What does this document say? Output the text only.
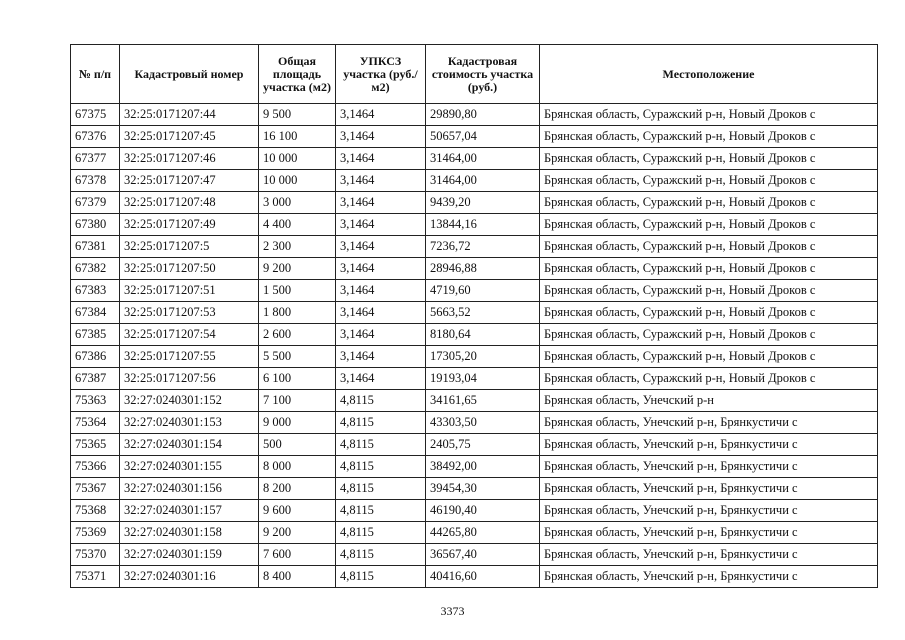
№ п/п	Кадастровый номер	Общая площадь участка (м2)	УПКСЗ участка (руб./м2)	Кадастровая стоимость участка (руб.)	Местоположение
67375	32:25:0171207:44	9 500	3,1464	29890,80	Брянская область, Суражский р-н, Новый Дроков с
67376	32:25:0171207:45	16 100	3,1464	50657,04	Брянская область, Суражский р-н, Новый Дроков с
67377	32:25:0171207:46	10 000	3,1464	31464,00	Брянская область, Суражский р-н, Новый Дроков с
67378	32:25:0171207:47	10 000	3,1464	31464,00	Брянская область, Суражский р-н, Новый Дроков с
67379	32:25:0171207:48	3 000	3,1464	9439,20	Брянская область, Суражский р-н, Новый Дроков с
67380	32:25:0171207:49	4 400	3,1464	13844,16	Брянская область, Суражский р-н, Новый Дроков с
67381	32:25:0171207:5	2 300	3,1464	7236,72	Брянская область, Суражский р-н, Новый Дроков с
67382	32:25:0171207:50	9 200	3,1464	28946,88	Брянская область, Суражский р-н, Новый Дроков с
67383	32:25:0171207:51	1 500	3,1464	4719,60	Брянская область, Суражский р-н, Новый Дроков с
67384	32:25:0171207:53	1 800	3,1464	5663,52	Брянская область, Суражский р-н, Новый Дроков с
67385	32:25:0171207:54	2 600	3,1464	8180,64	Брянская область, Суражский р-н, Новый Дроков с
67386	32:25:0171207:55	5 500	3,1464	17305,20	Брянская область, Суражский р-н, Новый Дроков с
67387	32:25:0171207:56	6 100	3,1464	19193,04	Брянская область, Суражский р-н, Новый Дроков с
75363	32:27:0240301:152	7 100	4,8115	34161,65	Брянская область, Унечский р-н
75364	32:27:0240301:153	9 000	4,8115	43303,50	Брянская область, Унечский р-н, Брянкустичи с
75365	32:27:0240301:154	500	4,8115	2405,75	Брянская область, Унечский р-н, Брянкустичи с
75366	32:27:0240301:155	8 000	4,8115	38492,00	Брянская область, Унечский р-н, Брянкустичи с
75367	32:27:0240301:156	8 200	4,8115	39454,30	Брянская область, Унечский р-н, Брянкустичи с
75368	32:27:0240301:157	9 600	4,8115	46190,40	Брянская область, Унечский р-н, Брянкустичи с
75369	32:27:0240301:158	9 200	4,8115	44265,80	Брянская область, Унечский р-н, Брянкустичи с
75370	32:27:0240301:159	7 600	4,8115	36567,40	Брянская область, Унечский р-н, Брянкустичи с
75371	32:27:0240301:16	8 400	4,8115	40416,60	Брянская область, Унечский р-н, Брянкустичи с
3373
